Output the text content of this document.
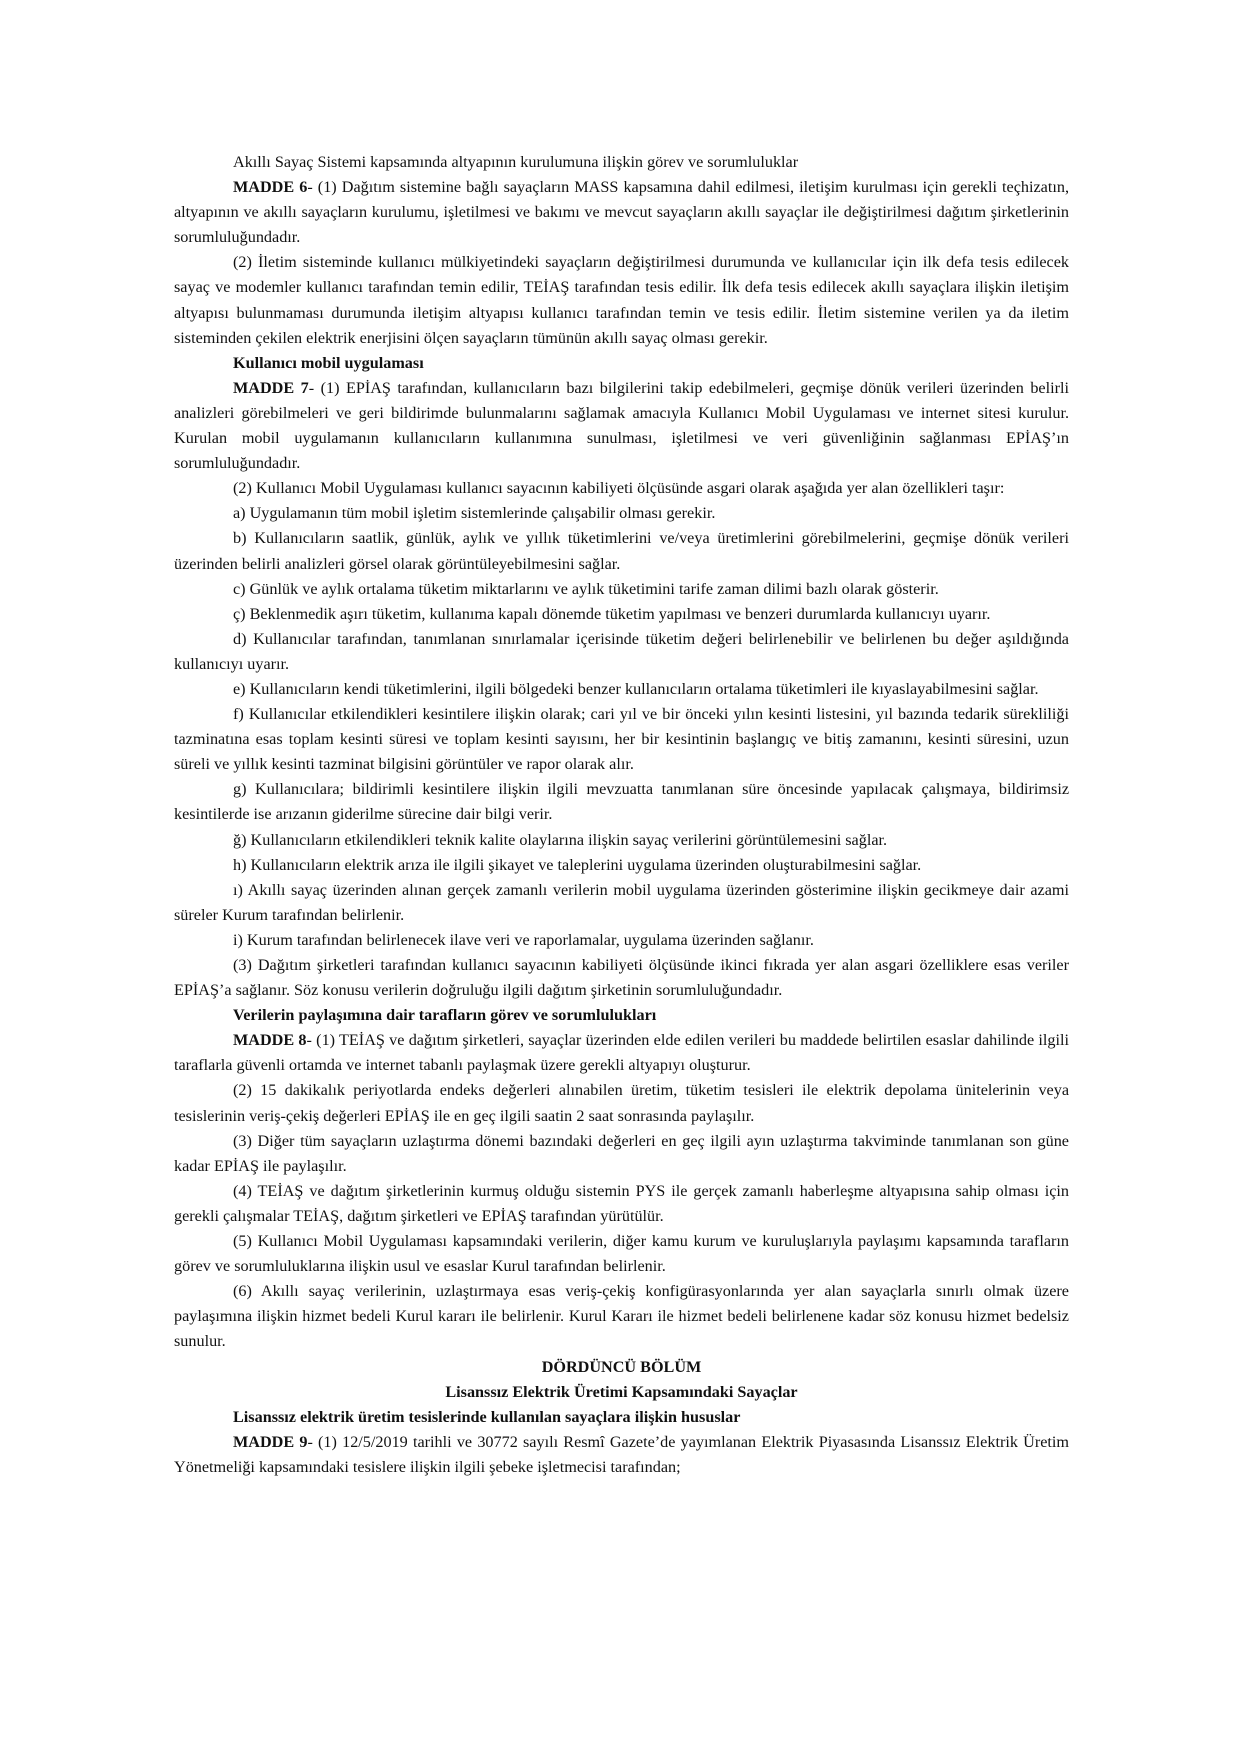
Akıllı Sayaç Sistemi kapsamında altyapının kurulumuna ilişkin görev ve sorumluluklar

MADDE 6- (1) Dağıtım sistemine bağlı sayaçların MASS kapsamına dahil edilmesi, iletişim kurulması için gerekli teçhizatın, altyapının ve akıllı sayaçların kurulumu, işletilmesi ve bakımı ve mevcut sayaçların akıllı sayaçlar ile değiştirilmesi dağıtım şirketlerinin sorumluluğundadır.

(2) İletim sisteminde kullanıcı mülkiyetindeki sayaçların değiştirilmesi durumunda ve kullanıcılar için ilk defa tesis edilecek sayaç ve modemler kullanıcı tarafından temin edilir, TEİAŞ tarafından tesis edilir. İlk defa tesis edilecek akıllı sayaçlara ilişkin iletişim altyapısı bulunmaması durumunda iletişim altyapısı kullanıcı tarafından temin ve tesis edilir. İletim sistemine verilen ya da iletim sisteminden çekilen elektrik enerjisini ölçen sayaçların tümünün akıllı sayaç olması gerekir.

Kullanıcı mobil uygulaması

MADDE 7- (1) EPİAŞ tarafından, kullanıcıların bazı bilgilerini takip edebilmeleri, geçmişe dönük verileri üzerinden belirli analizleri görebilmeleri ve geri bildirimde bulunmalarını sağlamak amacıyla Kullanıcı Mobil Uygulaması ve internet sitesi kurulur. Kurulan mobil uygulamanın kullanıcıların kullanımına sunulması, işletilmesi ve veri güvenliğinin sağlanması EPİAŞ’ın sorumluluğundadır.

(2) Kullanıcı Mobil Uygulaması kullanıcı sayacının kabiliyeti ölçüsünde asgari olarak aşağıda yer alan özellikleri taşır:

a) Uygulamanın tüm mobil işletim sistemlerinde çalışabilir olması gerekir.

b) Kullanıcıların saatlik, günlük, aylık ve yıllık tüketimlerini ve/veya üretimlerini görebilmelerini, geçmişe dönük verileri üzerinden belirli analizleri görsel olarak görüntüleyebilmesini sağlar.

c) Günlük ve aylık ortalama tüketim miktarlarını ve aylık tüketimini tarife zaman dilimi bazlı olarak gösterir.

ç) Beklenmedik aşırı tüketim, kullanıma kapalı dönemde tüketim yapılması ve benzeri durumlarda kullanıcıyı uyarır.

d) Kullanıcılar tarafından, tanımlanan sınırlamalar içerisinde tüketim değeri belirlenebilir ve belirlenen bu değer aşıldığında kullanıcıyı uyarır.

e) Kullanıcıların kendi tüketimlerini, ilgili bölgedeki benzer kullanıcıların ortalama tüketimleri ile kıyaslayabilmesini sağlar.

f) Kullanıcılar etkilendikleri kesintilere ilişkin olarak; cari yıl ve bir önceki yılın kesinti listesini, yıl bazında tedarik sürekliliği tazminatına esas toplam kesinti süresi ve toplam kesinti sayısını, her bir kesintinin başlangıç ve bitiş zamanını, kesinti süresini, uzun süreli ve yıllık kesinti tazminat bilgisini görüntüler ve rapor olarak alır.

g) Kullanıcılara; bildirimli kesintilere ilişkin ilgili mevzuatta tanımlanan süre öncesinde yapılacak çalışmaya, bildirimsiz kesintilerde ise arızanın giderilme sürecine dair bilgi verir.

ğ) Kullanıcıların etkilendikleri teknik kalite olaylarına ilişkin sayaç verilerini görüntülemesini sağlar.

h) Kullanıcıların elektrik arıza ile ilgili şikayet ve taleplerini uygulama üzerinden oluşturabilmesini sağlar.

ı) Akıllı sayaç üzerinden alınan gerçek zamanlı verilerin mobil uygulama üzerinden gösterimine ilişkin gecikmeye dair azami süreler Kurum tarafından belirlenir.

i) Kurum tarafından belirlenecek ilave veri ve raporlamalar, uygulama üzerinden sağlanır.

(3) Dağıtım şirketleri tarafından kullanıcı sayacının kabiliyeti ölçüsünde ikinci fıkrada yer alan asgari özelliklere esas veriler EPİAŞ’a sağlanır. Söz konusu verilerin doğruluğu ilgili dağıtım şirketinin sorumluluğundadır.

Verilerin paylaşımına dair tarafların görev ve sorumlulukları

MADDE 8- (1) TEİAŞ ve dağıtım şirketleri, sayaçlar üzerinden elde edilen verileri bu maddede belirtilen esaslar dahilinde ilgili taraflarla güvenli ortamda ve internet tabanlı paylaşmak üzere gerekli altyapıyı oluşturur.

(2) 15 dakikalık periyotlarda endeks değerleri alınabilen üretim, tüketim tesisleri ile elektrik depolama ünitelerinin veya tesislerinin veriş-çekiş değerleri EPİAŞ ile en geç ilgili saatin 2 saat sonrasında paylaşılır.

(3) Diğer tüm sayaçların uzlaştırma dönemi bazındaki değerleri en geç ilgili ayın uzlaştırma takviminde tanımlanan son güne kadar EPİAŞ ile paylaşılır.

(4) TEİAŞ ve dağıtım şirketlerinin kurmuş olduğu sistemin PYS ile gerçek zamanlı haberleşme altyapısına sahip olması için gerekli çalışmalar TEİAŞ, dağıtım şirketleri ve EPİAŞ tarafından yürütülür.

(5) Kullanıcı Mobil Uygulaması kapsamındaki verilerin, diğer kamu kurum ve kuruluşlarıyla paylaşımı kapsamında tarafların görev ve sorumluluklarına ilişkin usul ve esaslar Kurul tarafından belirlenir.

(6) Akıllı sayaç verilerinin, uzlaştırmaya esas veriş-çekiş konfigürasyonlarında yer alan sayaçlarla sınırlı olmak üzere paylaşımına ilişkin hizmet bedeli Kurul kararı ile belirlenir. Kurul Kararı ile hizmet bedeli belirlenene kadar söz konusu hizmet bedelsiz sunulur.

DÖRDÜNCÜ BÖLÜM

Lisanssız Elektrik Üretimi Kapsamındaki Sayaçlar

Lisanssız elektrik üretim tesislerinde kullanılan sayaçlara ilişkin hususlar

MADDE 9- (1) 12/5/2019 tarihli ve 30772 sayılı Resmî Gazete’de yayımlanan Elektrik Piyasasında Lisanssız Elektrik Üretim Yönetmeliği kapsamındaki tesislere ilişkin ilgili şebeke işletmecisi tarafından;
